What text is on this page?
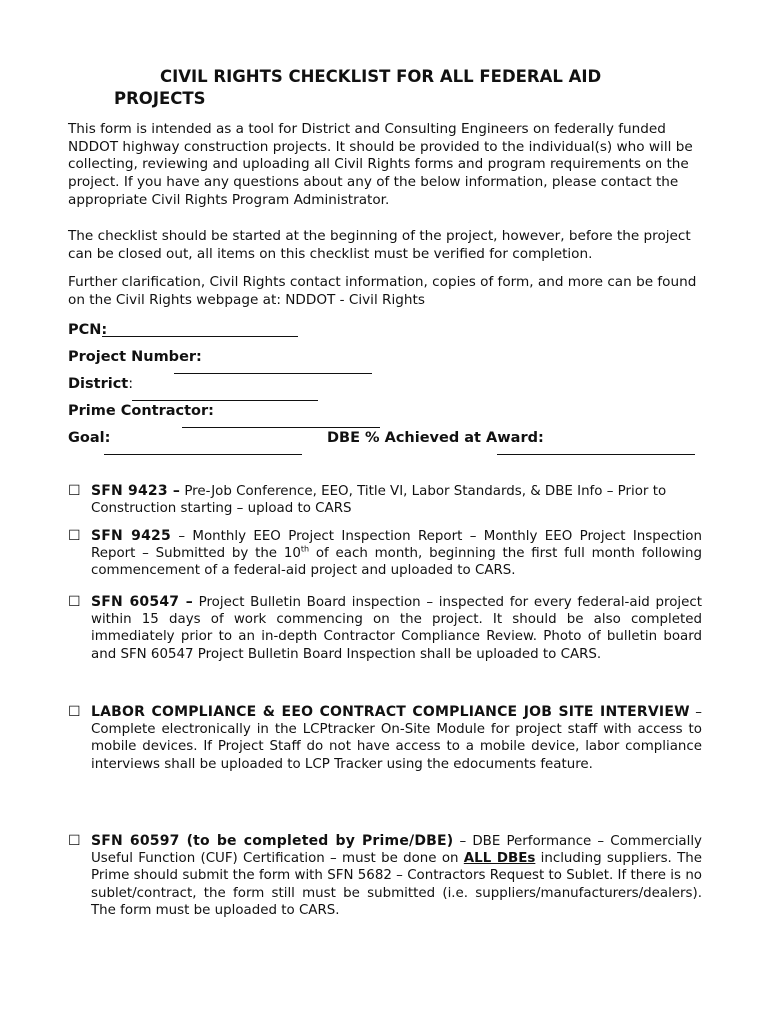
CIVIL RIGHTS CHECKLIST FOR ALL FEDERAL AID PROJECTS

This form is intended as a tool for District and Consulting Engineers on federally funded NDDOT highway construction projects. It should be provided to the individual(s) who will be collecting, reviewing and uploading all Civil Rights forms and program requirements on the project. If you have any questions about any of the below information, please contact the appropriate Civil Rights Program Administrator.

The checklist should be started at the beginning of the project, however, before the project can be closed out, all items on this checklist must be verified for completion.

Further clarification, Civil Rights contact information, copies of form, and more can be found on the Civil Rights webpage at: NDDOT - Civil Rights

PCN:

Project Number:

District:

Prime Contractor:

Goal:	DBE % Achieved at Award:

☐ SFN 9423 – Pre-Job Conference, EEO, Title VI, Labor Standards, & DBE Info – Prior to Construction starting – upload to CARS
☐ SFN 9425 – Monthly EEO Project Inspection Report – Monthly EEO Project Inspection Report – Submitted by the 10th of each month, beginning the first full month following commencement of a federal-aid project and uploaded to CARS.
☐ SFN 60547 – Project Bulletin Board inspection – inspected for every federal-aid project within 15 days of work commencing on the project. It should be also completed immediately prior to an in-depth Contractor Compliance Review. Photo of bulletin board and SFN 60547 Project Bulletin Board Inspection shall be uploaded to CARS.
☐ LABOR COMPLIANCE & EEO CONTRACT COMPLIANCE JOB SITE INTERVIEW – Complete electronically in the LCPtracker On-Site Module for project staff with access to mobile devices. If Project Staff do not have access to a mobile device, labor compliance interviews shall be uploaded to LCP Tracker using the edocuments feature.
☐ SFN 60597 (to be completed by Prime/DBE) – DBE Performance – Commercially Useful Function (CUF) Certification – must be done on ALL DBEs including suppliers. The Prime should submit the form with SFN 5682 – Contractors Request to Sublet. If there is no sublet/contract, the form still must be submitted (i.e. suppliers/manufacturers/dealers). The form must be uploaded to CARS.
